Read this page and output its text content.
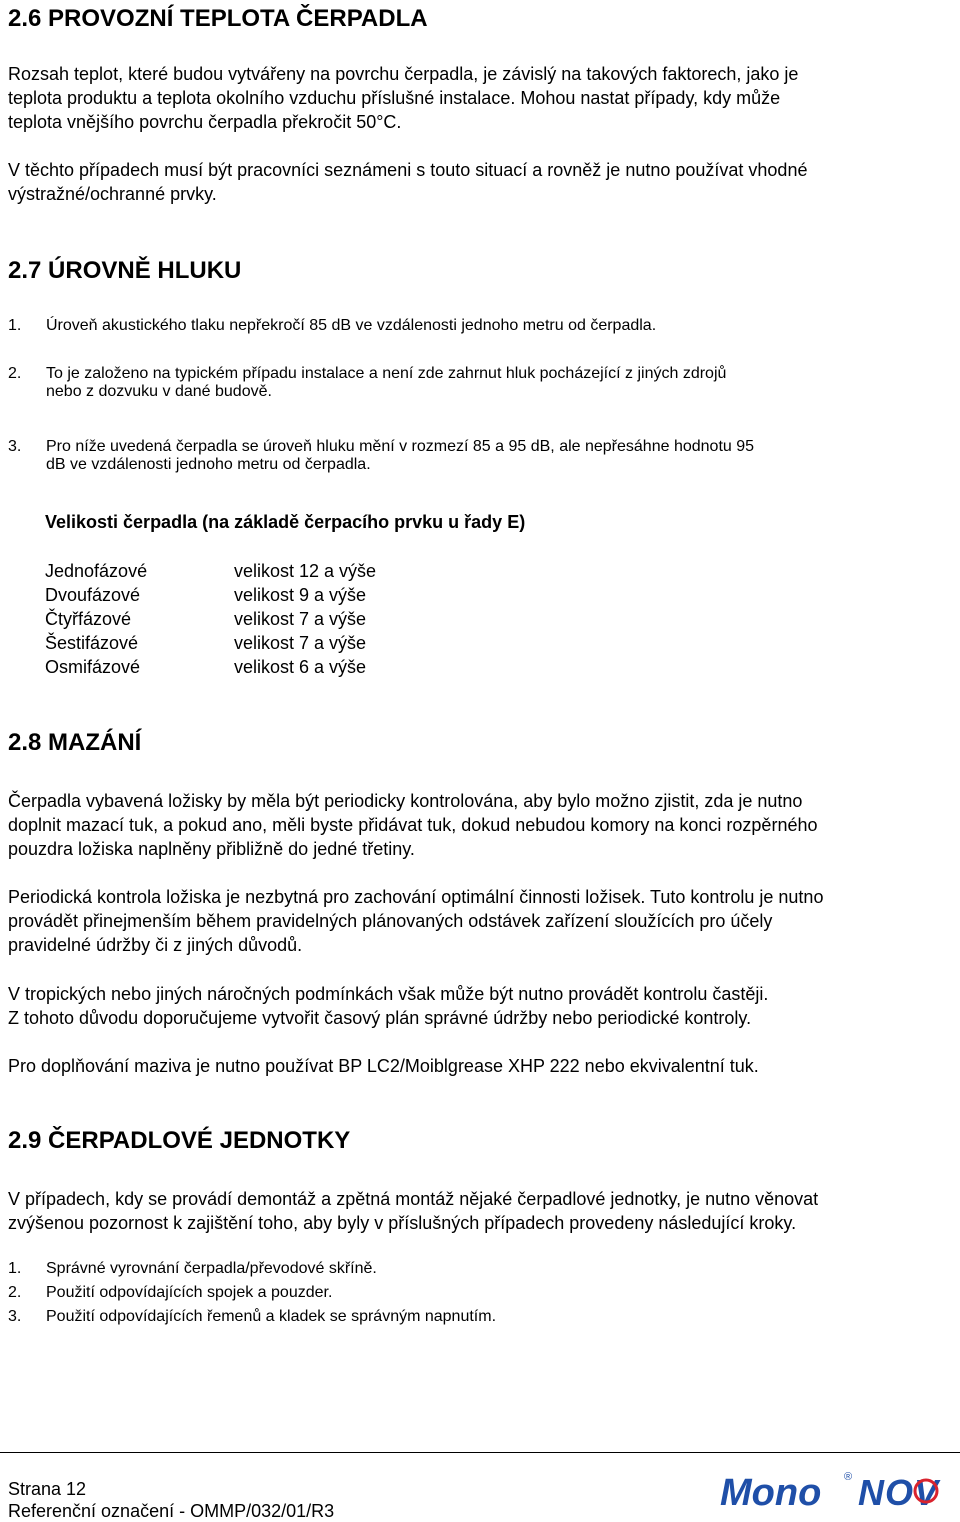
2.6 PROVOZNÍ TEPLOTA ČERPADLA

Rozsah teplot, které budou vytvářeny na povrchu čerpadla, je závislý na takových faktorech, jako je

teplota produktu a teplota okolního vzduchu příslušné instalace. Mohou nastat případy, kdy může

teplota vnějšího povrchu čerpadla překročit 50°C.

V těchto případech musí být pracovníci seznámeni s touto situací a rovněž je nutno používat vhodné

výstražné/ochranné prvky.

2.7 ÚROVNĚ HLUKU
1.	Úroveň akustického tlaku nepřekročí 85 dB ve vzdálenosti jednoho metru od čerpadla.
2.	To je založeno na typickém případu instalace a není zde zahrnut hluk pocházející z jiných zdrojů
nebo z dozvuku v dané budově.
3.	Pro níže uvedená čerpadla se úroveň hluku mění v rozmezí 85 a 95 dB, ale nepřesáhne hodnotu 95
dB ve vzdálenosti jednoho metru od čerpadla.

Velikosti čerpadla (na základě čerpacího prvku u řady E)

Jednofázové	velikost 12 a výše
Dvoufázové	velikost 9 a výše
Čtyřfázové	velikost 7 a výše
Šestifázové	velikost 7 a výše
Osmifázové	velikost 6 a výše
2.8 MAZÁNÍ

Čerpadla vybavená ložisky by měla být periodicky kontrolována, aby bylo možno zjistit, zda je nutno

doplnit mazací tuk, a pokud ano, měli byste přidávat tuk, dokud nebudou komory na konci rozpěrného

pouzdra ložiska naplněny přibližně do jedné třetiny.

Periodická kontrola ložiska je nezbytná pro zachování optimální činnosti ložisek. Tuto kontrolu je nutno

provádět přinejmenším během pravidelných plánovaných odstávek zařízení sloužících pro účely

pravidelné údržby či z jiných důvodů.

V tropických nebo jiných náročných podmínkách však může být nutno provádět kontrolu častěji.

Z tohoto důvodu doporučujeme vytvořit časový plán správné údržby nebo periodické kontroly.

Pro doplňování maziva je nutno používat BP LC2/Moiblgrease XHP 222 nebo ekvivalentní tuk.

2.9 ČERPADLOVÉ JEDNOTKY

V případech, kdy se provádí demontáž a zpětná montáž nějaké čerpadlové jednotky, je nutno věnovat

zvýšenou pozornost k zajištění toho, aby byly v příslušných případech provedeny následující kroky.

1.	Správné vyrovnání čerpadla/převodové skříně.
2.	Použití odpovídajících spojek a pouzder.
3.	Použití odpovídajících řemenů a kladek se správným napnutím.
Strana 12
Referenční označení - OMMP/032/01/R3	Mono ® NOV
